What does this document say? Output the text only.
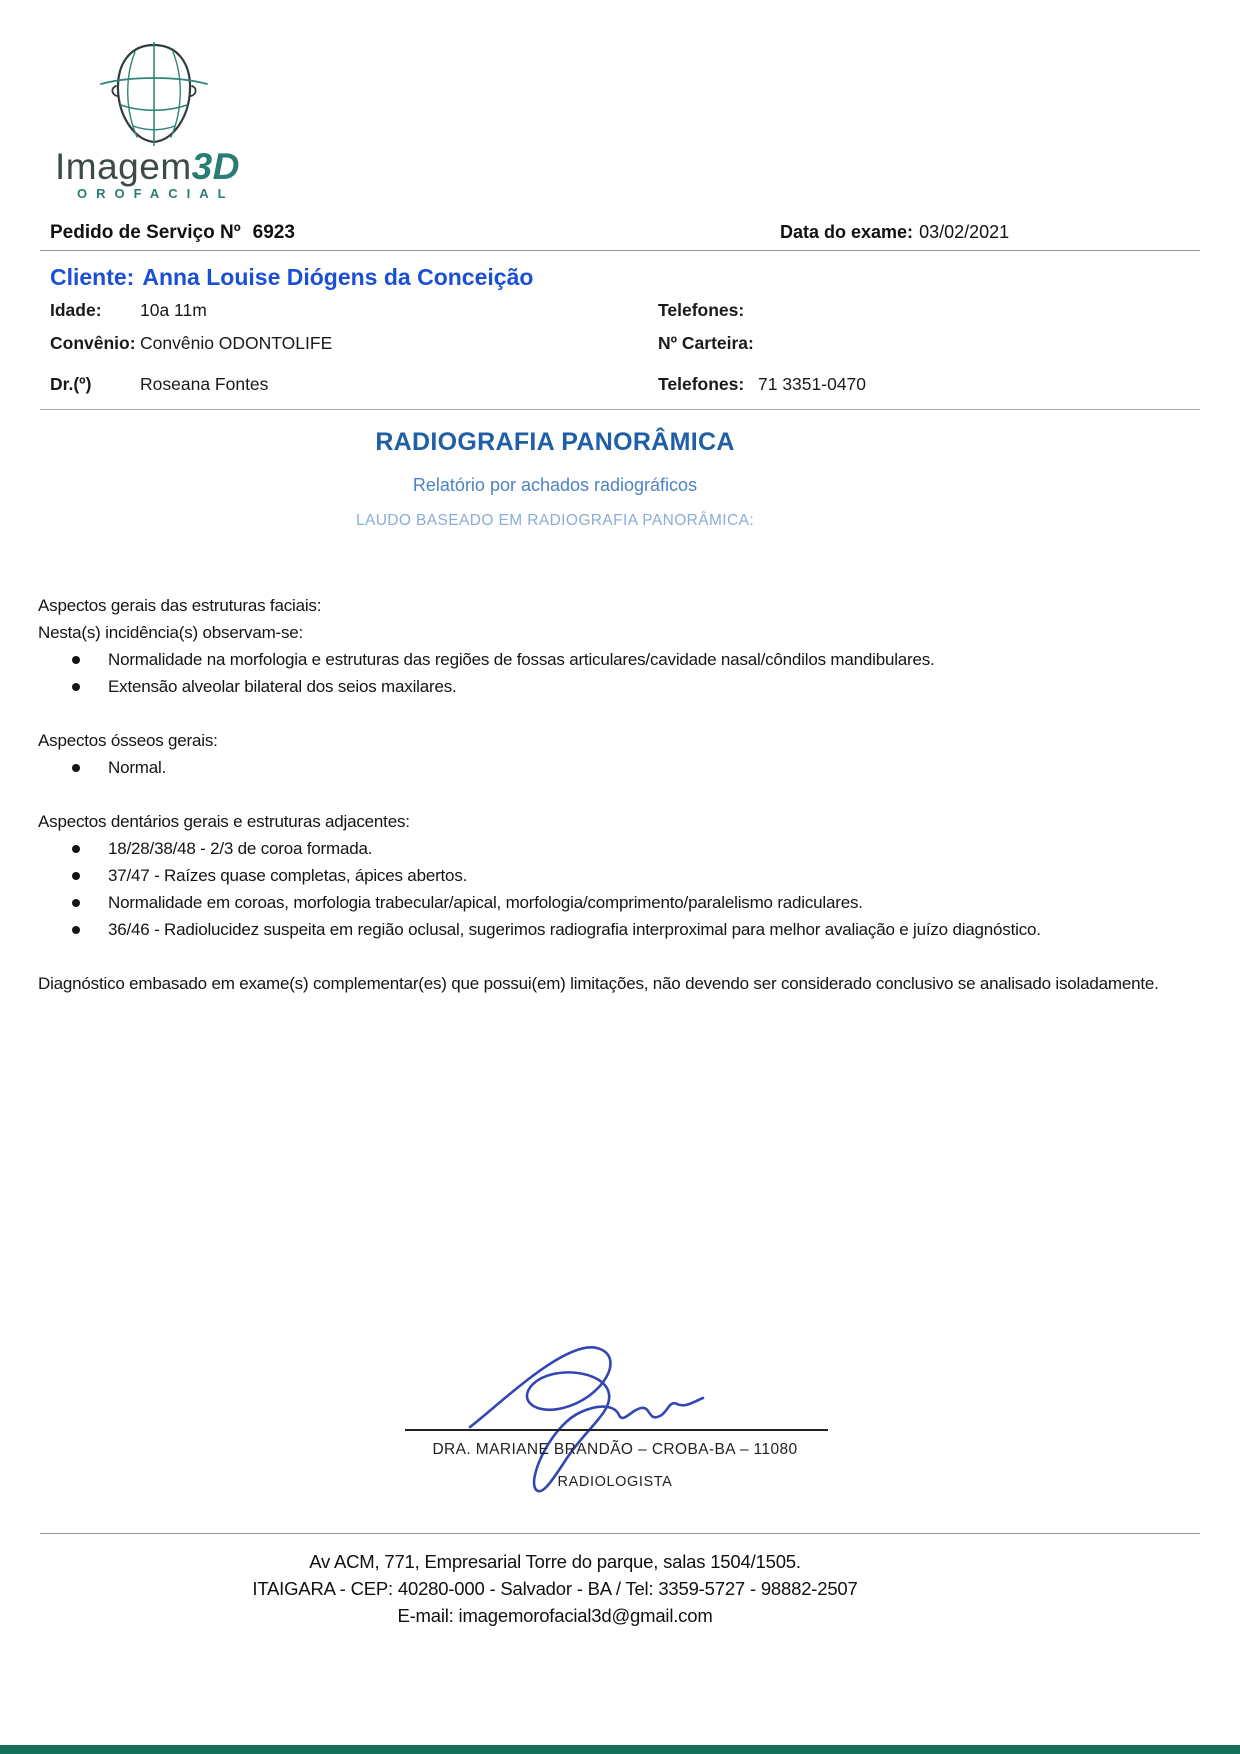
Imagem3D
OROFACIAL
Pedido de Serviço Nº 6923	Data do exame: 03/02/2021
Cliente: Anna Louise Diógens da Conceição
Idade:	10a 11m	Telefones:
Convênio: Convênio ODONTOLIFE	Nº Carteira:
Dr.(º)	Roseana Fontes	Telefones: 71 3351-0470
RADIOGRAFIA PANORÂMICA
Relatório por achados radiográficos
LAUDO BASEADO EM RADIOGRAFIA PANORÂMICA:
Aspectos gerais das estruturas faciais:
Nesta(s) incidência(s) observam-se:
Normalidade na morfologia e estruturas das regiões de fossas articulares/cavidade nasal/côndilos mandibulares.
Extensão alveolar bilateral dos seios maxilares.
Aspectos ósseos gerais:
Normal.
Aspectos dentários gerais e estruturas adjacentes:
18/28/38/48 - 2/3 de coroa formada.
37/47 - Raízes quase completas, ápices abertos.
Normalidade em coroas, morfologia trabecular/apical, morfologia/comprimento/paralelismo radiculares.
36/46 - Radiolucidez suspeita em região oclusal, sugerimos radiografia interproximal para melhor avaliação e juízo diagnóstico.
Diagnóstico embasado em exame(s) complementar(es) que possui(em) limitações, não devendo ser considerado conclusivo se analisado isoladamente.
DRA. MARIANE BRANDÃO – CROBA-BA – 11080
RADIOLOGISTA
Av ACM, 771, Empresarial Torre do parque, salas 1504/1505.
ITAIGARA - CEP: 40280-000 - Salvador - BA / Tel: 3359-5727 - 98882-2507
E-mail: imagemorofacial3d@gmail.com
